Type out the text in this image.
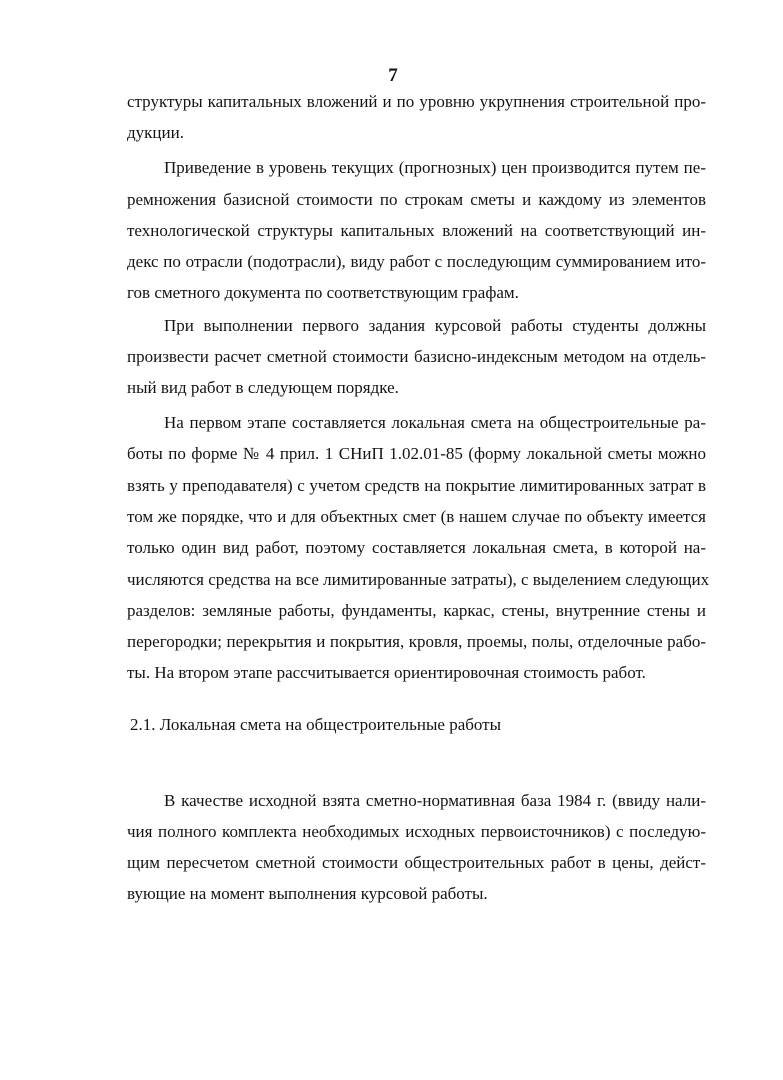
7
структуры капитальных вложений и по уровню укрупнения строительной про-
дукции.
Приведение в уровень текущих (прогнозных) цен производится путем пе-
ремножения базисной стоимости по строкам сметы и каждому из элементов
технологической структуры капитальных вложений на соответствующий ин-
декс по отрасли (подотрасли), виду работ с последующим суммированием ито-
гов сметного документа по соответствующим графам.
При выполнении первого задания курсовой работы студенты должны
произвести расчет сметной стоимости базисно-индексным методом на отдель-
ный вид работ в следующем порядке.
На первом этапе составляется локальная смета на общестроительные ра-
боты по форме № 4 прил. 1 СНиП 1.02.01-85 (форму локальной сметы можно
взять у преподавателя) с учетом средств на покрытие лимитированных затрат в
том же порядке, что и для объектных смет (в нашем случае по объекту имеется
только один вид работ, поэтому составляется локальная смета, в которой на-
числяются средства на все лимитированные затраты), с выделением следующих
разделов: земляные работы, фундаменты, каркас, стены, внутренние стены и
перегородки; перекрытия и покрытия, кровля, проемы, полы, отделочные рабо-
ты. На втором этапе рассчитывается ориентировочная стоимость работ.
2.1. Локальная смета на общестроительные работы
В качестве исходной взята сметно-нормативная база 1984 г. (ввиду нали-
чия полного комплекта необходимых исходных первоисточников) с последую-
щим пересчетом сметной стоимости общестроительных работ в цены, дейст-
вующие на момент выполнения курсовой работы.
